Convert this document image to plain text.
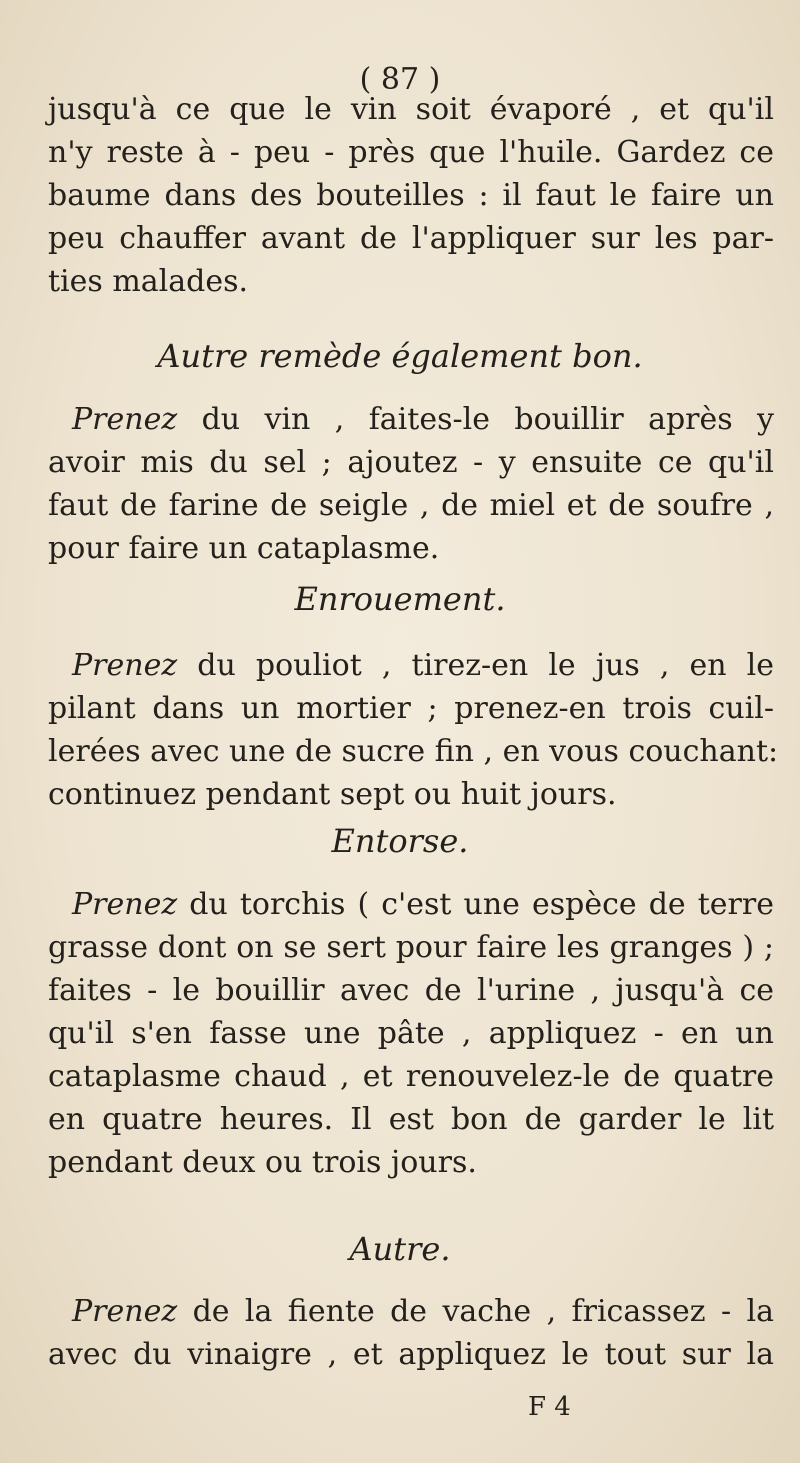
( 87 )
jusqu'à ce que le vin soit évaporé , et qu'il
n'y reste à - peu - près que l'huile. Gardez ce
baume dans des bouteilles : il faut le faire un
peu chauffer avant de l'appliquer sur les par-
ties malades.
Autre remède également bon.
Prenez du vin , faites-le bouillir après y
avoir mis du sel ; ajoutez - y ensuite ce qu'il
faut de farine de seigle , de miel et de soufre ,
pour faire un cataplasme.
Enrouement.
Prenez du pouliot , tirez-en le jus , en le
pilant dans un mortier ; prenez-en trois cuil-
lerées avec une de sucre fin , en vous couchant:
continuez pendant sept ou huit jours.
Entorse.
Prenez du torchis ( c'est une espèce de terre
grasse dont on se sert pour faire les granges ) ;
faites - le bouillir avec de l'urine , jusqu'à ce
qu'il s'en fasse une pâte , appliquez - en un
cataplasme chaud , et renouvelez-le de quatre
en quatre heures. Il est bon de garder le lit
pendant deux ou trois jours.
Autre.
Prenez de la fiente de vache , fricassez - la
avec du vinaigre , et appliquez le tout sur la
F 4
